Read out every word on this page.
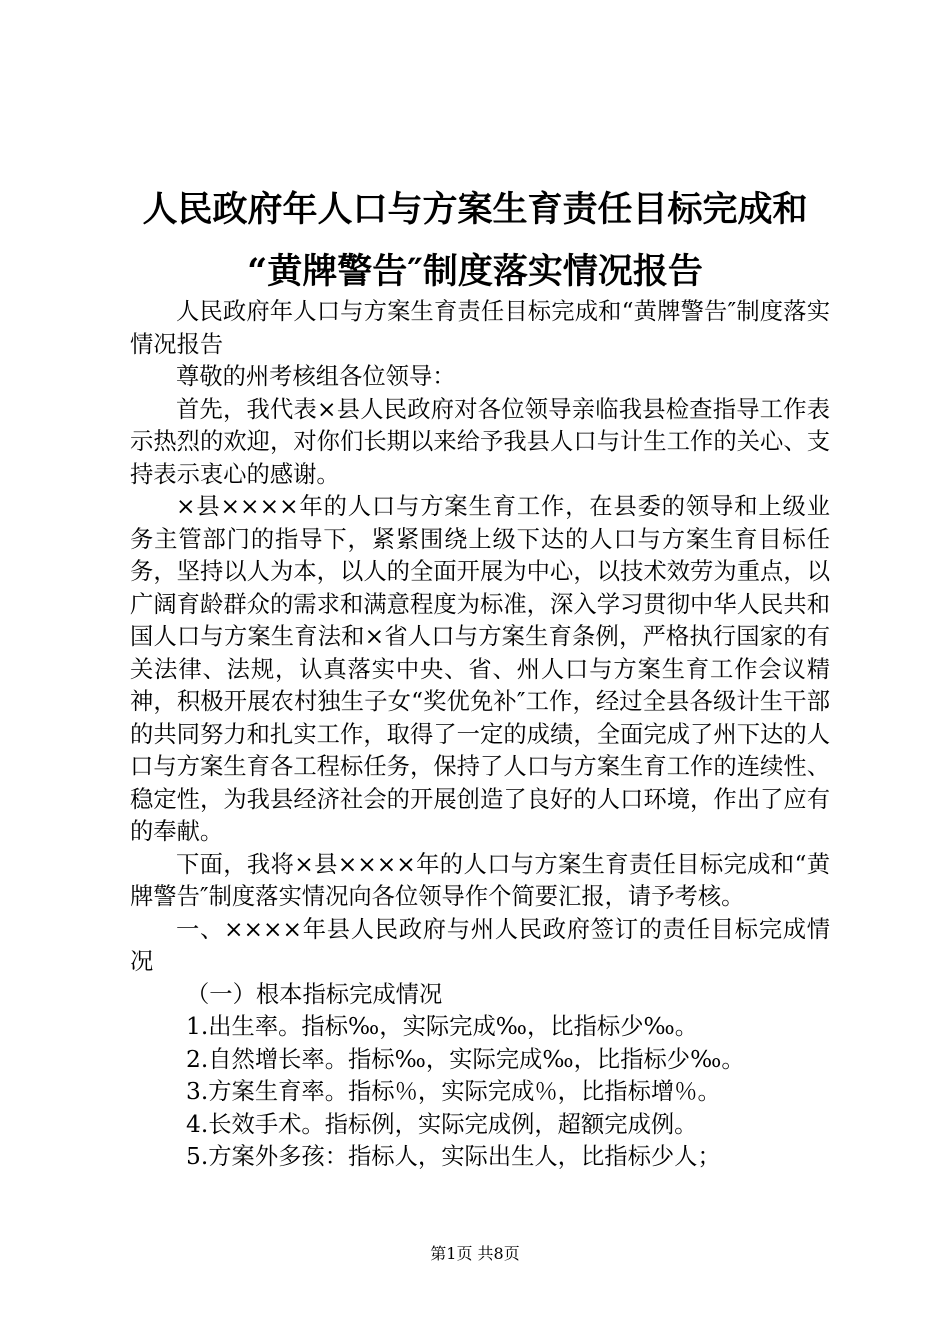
人民政府年人口与方案生育责任目标完成和
“黄牌警告″制度落实情况报告

人民政府年人口与方案生育责任目标完成和“黄牌警告″制度落实情况报告

尊敬的州考核组各位领导：

首先，我代表×县人民政府对各位领导亲临我县检查指导工作表示热烈的欢迎，对你们长期以来给予我县人口与计生工作的关心、支持表示衷心的感谢。

×县××××年的人口与方案生育工作，在县委的领导和上级业务主管部门的指导下，紧紧围绕上级下达的人口与方案生育目标任务，坚持以人为本，以人的全面开展为中心，以技术效劳为重点，以广阔育龄群众的需求和满意程度为标准，深入学习贯彻中华人民共和国人口与方案生育法和×省人口与方案生育条例，严格执行国家的有关法律、法规，认真落实中央、省、州人口与方案生育工作会议精神，积极开展农村独生子女“奖优免补″工作，经过全县各级计生干部的共同努力和扎实工作，取得了一定的成绩，全面完成了州下达的人口与方案生育各工程标任务，保持了人口与方案生育工作的连续性、稳定性，为我县经济社会的开展创造了良好的人口环境，作出了应有的奉献。

下面，我将×县××××年的人口与方案生育责任目标完成和“黄牌警告″制度落实情况向各位领导作个简要汇报，请予考核。

一、××××年县人民政府与州人民政府签订的责任目标完成情况

（一）根本指标完成情况

1.出生率。指标‰，实际完成‰，比指标少‰。

2.自然增长率。指标‰，实际完成‰，比指标少‰。

3.方案生育率。指标％，实际完成％，比指标增％。

4.长效手术。指标例，实际完成例，超额完成例。

5.方案外多孩：指标人，实际出生人，比指标少人；

第1页 共8页
